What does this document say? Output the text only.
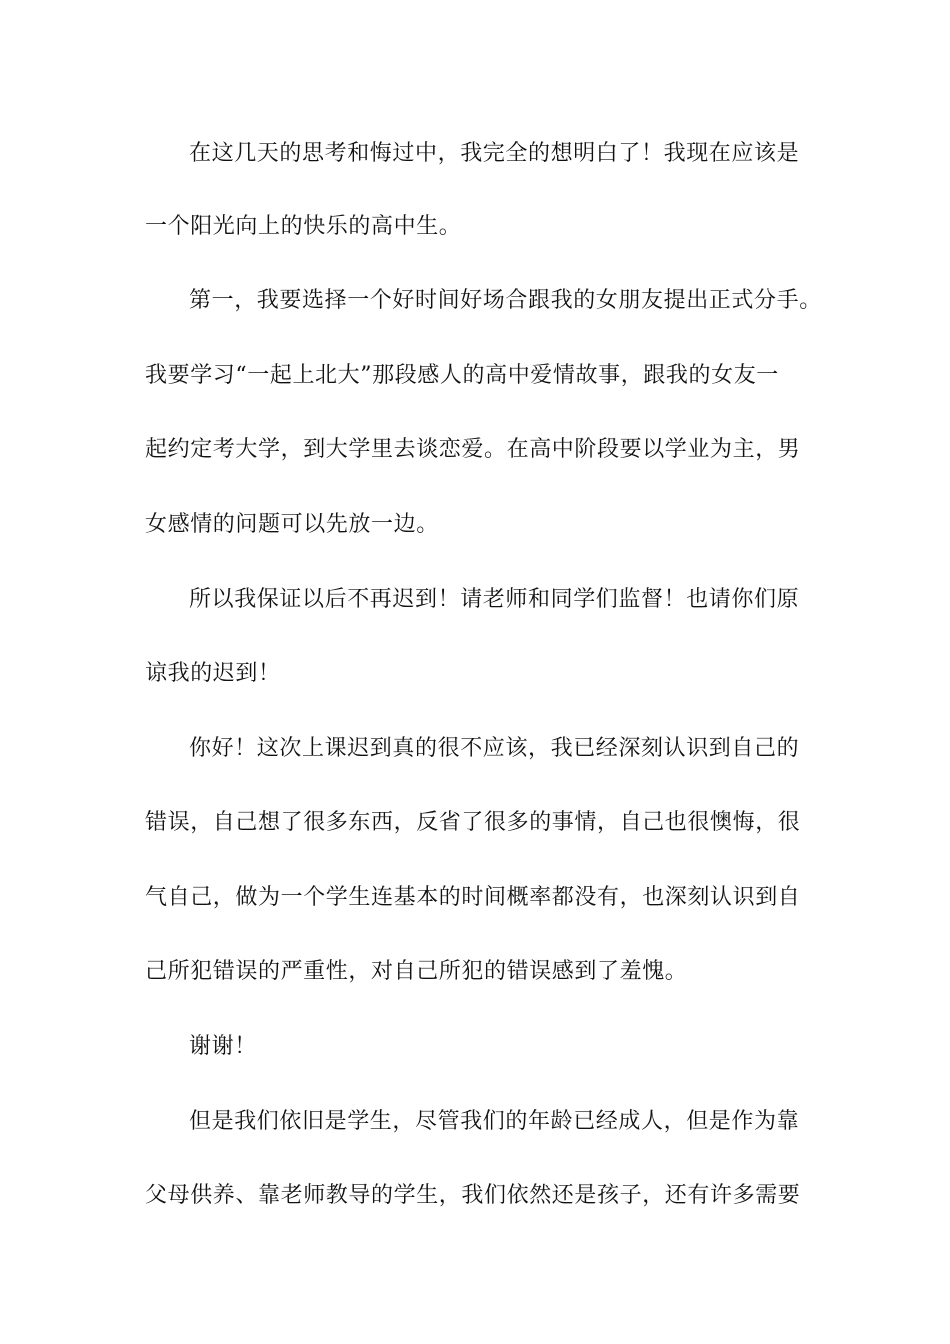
在这几天的思考和悔过中，我完全的想明白了！我现在应该是
一个阳光向上的快乐的高中生。
第一，我要选择一个好时间好场合跟我的女朋友提出正式分手。
我要学习“一起上北大”那段感人的高中爱情故事，跟我的女友一
起约定考大学，到大学里去谈恋爱。在高中阶段要以学业为主，男
女感情的问题可以先放一边。
所以我保证以后不再迟到！请老师和同学们监督！也请你们原
谅我的迟到！
你好！这次上课迟到真的很不应该，我已经深刻认识到自己的
错误，自己想了很多东西，反省了很多的事情，自己也很懊悔，很
气自己，做为一个学生连基本的时间概率都没有，也深刻认识到自
己所犯错误的严重性，对自己所犯的错误感到了羞愧。
谢谢！
但是我们依旧是学生，尽管我们的年龄已经成人，但是作为靠
父母供养、靠老师教导的学生，我们依然还是孩子，还有许多需要
